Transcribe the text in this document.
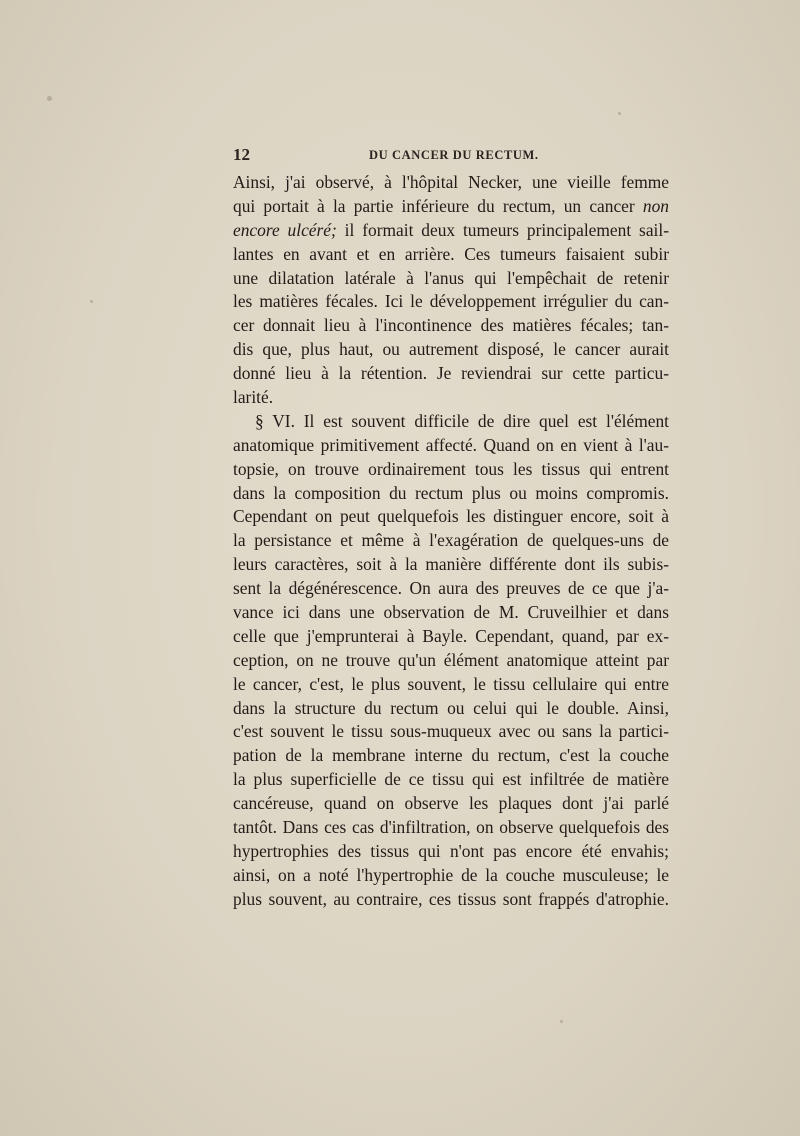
12	DU CANCER DU RECTUM.
Ainsi, j'ai observé, à l'hôpital Necker, une vieille femme
qui portait à la partie inférieure du rectum, un cancer non
encore ulcéré; il formait deux tumeurs principalement sail-
lantes en avant et en arrière. Ces tumeurs faisaient subir
une dilatation latérale à l'anus qui l'empêchait de retenir
les matières fécales. Ici le développement irrégulier du can-
cer donnait lieu à l'incontinence des matières fécales; tan-
dis que, plus haut, ou autrement disposé, le cancer aurait
donné lieu à la rétention. Je reviendrai sur cette particu-
larité.
§ VI. Il est souvent difficile de dire quel est l'élément
anatomique primitivement affecté. Quand on en vient à l'au-
topsie, on trouve ordinairement tous les tissus qui entrent
dans la composition du rectum plus ou moins compromis.
Cependant on peut quelquefois les distinguer encore, soit à
la persistance et même à l'exagération de quelques-uns de
leurs caractères, soit à la manière différente dont ils subis-
sent la dégénérescence. On aura des preuves de ce que j'a-
vance ici dans une observation de M. Cruveilhier et dans
celle que j'emprunterai à Bayle. Cependant, quand, par ex-
ception, on ne trouve qu'un élément anatomique atteint par
le cancer, c'est, le plus souvent, le tissu cellulaire qui entre
dans la structure du rectum ou celui qui le double. Ainsi,
c'est souvent le tissu sous-muqueux avec ou sans la partici-
pation de la membrane interne du rectum, c'est la couche
la plus superficielle de ce tissu qui est infiltrée de matière
cancéreuse, quand on observe les plaques dont j'ai parlé
tantôt. Dans ces cas d'infiltration, on observe quelquefois des
hypertrophies des tissus qui n'ont pas encore été envahis;
ainsi, on a noté l'hypertrophie de la couche musculeuse; le
plus souvent, au contraire, ces tissus sont frappés d'atrophie.
